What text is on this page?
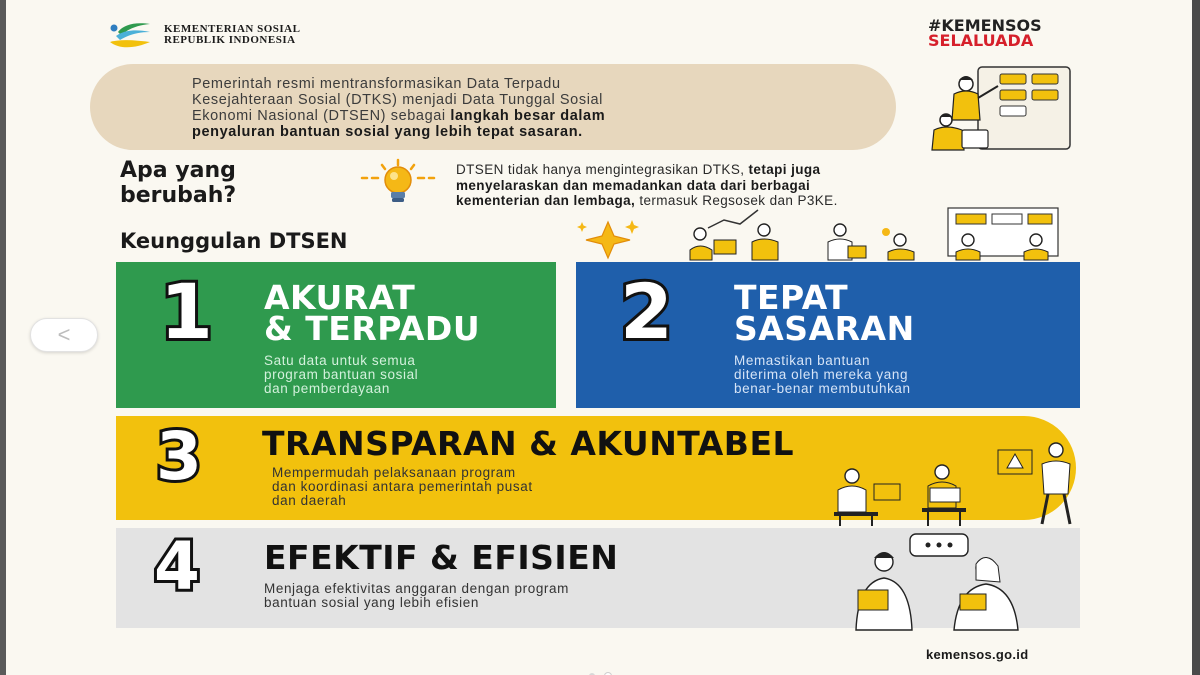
KEMENTERIAN SOSIAL
REPUBLIK INDONESIA
#KEMENSOS
SELALUADA
Pemerintah resmi mentransformasikan Data Terpadu
Kesejahteraan Sosial (DTKS) menjadi Data Tunggal Sosial
Ekonomi Nasional (DTSEN) sebagai langkah besar dalam
penyaluran bantuan sosial yang lebih tepat sasaran.
Apa yang
berubah?
DTSEN tidak hanya mengintegrasikan DTKS, tetapi juga
menyelaraskan dan memadankan data dari berbagai
kementerian dan lembaga, termasuk Regsosek dan P3KE.
Keunggulan DTSEN
1 AKURAT
& TERPADU
Satu data untuk semua
program bantuan sosial
dan pemberdayaan
2 TEPAT
SASARAN
Memastikan bantuan
diterima oleh mereka yang
benar-benar membutuhkan
3 TRANSPARAN & AKUNTABEL
Mempermudah pelaksanaan program
dan koordinasi antara pemerintah pusat
dan daerah
4 EFEKTIF & EFISIEN
Menjaga efektivitas anggaran dengan program
bantuan sosial yang lebih efisien
<
kemensos.go.id
